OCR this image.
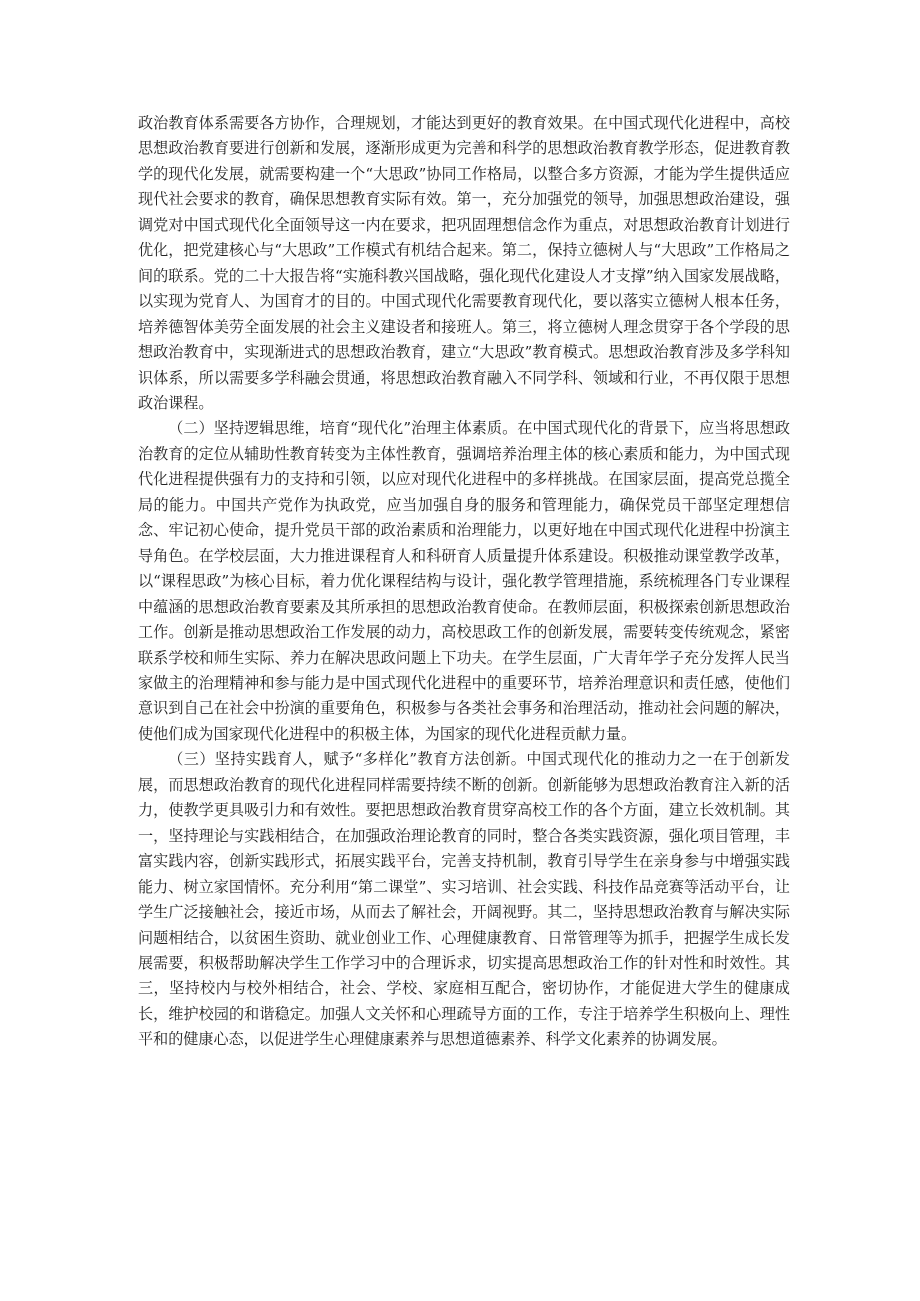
政治教育体系需要各方协作，合理规划，才能达到更好的教育效果。在中国式现代化进程中，高校思想政治教育要进行创新和发展，逐渐形成更为完善和科学的思想政治教育教学形态，促进教育教学的现代化发展，就需要构建一个“大思政”协同工作格局，以整合多方资源，才能为学生提供适应现代社会要求的教育，确保思想教育实际有效。第一，充分加强党的领导，加强思想政治建设，强调党对中国式现代化全面领导这一内在要求，把巩固理想信念作为重点，对思想政治教育计划进行优化，把党建核心与“大思政”工作模式有机结合起来。第二，保持立德树人与“大思政”工作格局之间的联系。党的二十大报告将“实施科教兴国战略，强化现代化建设人才支撑”纳入国家发展战略，以实现为党育人、为国育才的目的。中国式现代化需要教育现代化，要以落实立德树人根本任务，培养德智体美劳全面发展的社会主义建设者和接班人。第三，将立德树人理念贯穿于各个学段的思想政治教育中，实现渐进式的思想政治教育，建立“大思政”教育模式。思想政治教育涉及多学科知识体系，所以需要多学科融会贯通，将思想政治教育融入不同学科、领域和行业，不再仅限于思想政治课程。

（二）坚持逻辑思维，培育“现代化”治理主体素质。在中国式现代化的背景下，应当将思想政治教育的定位从辅助性教育转变为主体性教育，强调培养治理主体的核心素质和能力，为中国式现代化进程提供强有力的支持和引领，以应对现代化进程中的多样挑战。在国家层面，提高党总揽全局的能力。中国共产党作为执政党，应当加强自身的服务和管理能力，确保党员干部坚定理想信念、牢记初心使命，提升党员干部的政治素质和治理能力，以更好地在中国式现代化进程中扮演主导角色。在学校层面，大力推进课程育人和科研育人质量提升体系建设。积极推动课堂教学改革，以“课程思政”为核心目标，着力优化课程结构与设计，强化教学管理措施，系统梳理各门专业课程中蕴涵的思想政治教育要素及其所承担的思想政治教育使命。在教师层面，积极探索创新思想政治工作。创新是推动思想政治工作发展的动力，高校思政工作的创新发展，需要转变传统观念，紧密联系学校和师生实际、养力在解决思政问题上下功夫。在学生层面，广大青年学子充分发挥人民当家做主的治理精神和参与能力是中国式现代化进程中的重要环节，培养治理意识和责任感，使他们意识到自己在社会中扮演的重要角色，积极参与各类社会事务和治理活动，推动社会问题的解决，使他们成为国家现代化进程中的积极主体，为国家的现代化进程贡献力量。

（三）坚持实践育人，赋予“多样化”教育方法创新。中国式现代化的推动力之一在于创新发展，而思想政治教育的现代化进程同样需要持续不断的创新。创新能够为思想政治教育注入新的活力，使教学更具吸引力和有效性。要把思想政治教育贯穿高校工作的各个方面，建立长效机制。其一，坚持理论与实践相结合，在加强政治理论教育的同时，整合各类实践资源，强化项目管理，丰富实践内容，创新实践形式，拓展实践平台，完善支持机制，教育引导学生在亲身参与中增强实践能力、树立家国情怀。充分利用“第二课堂”、实习培训、社会实践、科技作品竞赛等活动平台，让学生广泛接触社会，接近市场，从而去了解社会，开阔视野。其二，坚持思想政治教育与解决实际问题相结合，以贫困生资助、就业创业工作、心理健康教育、日常管理等为抓手，把握学生成长发展需要，积极帮助解决学生工作学习中的合理诉求，切实提高思想政治工作的针对性和时效性。其三，坚持校内与校外相结合，社会、学校、家庭相互配合，密切协作，才能促进大学生的健康成长，维护校园的和谐稳定。加强人文关怀和心理疏导方面的工作，专注于培养学生积极向上、理性平和的健康心态，以促进学生心理健康素养与思想道德素养、科学文化素养的协调发展。
